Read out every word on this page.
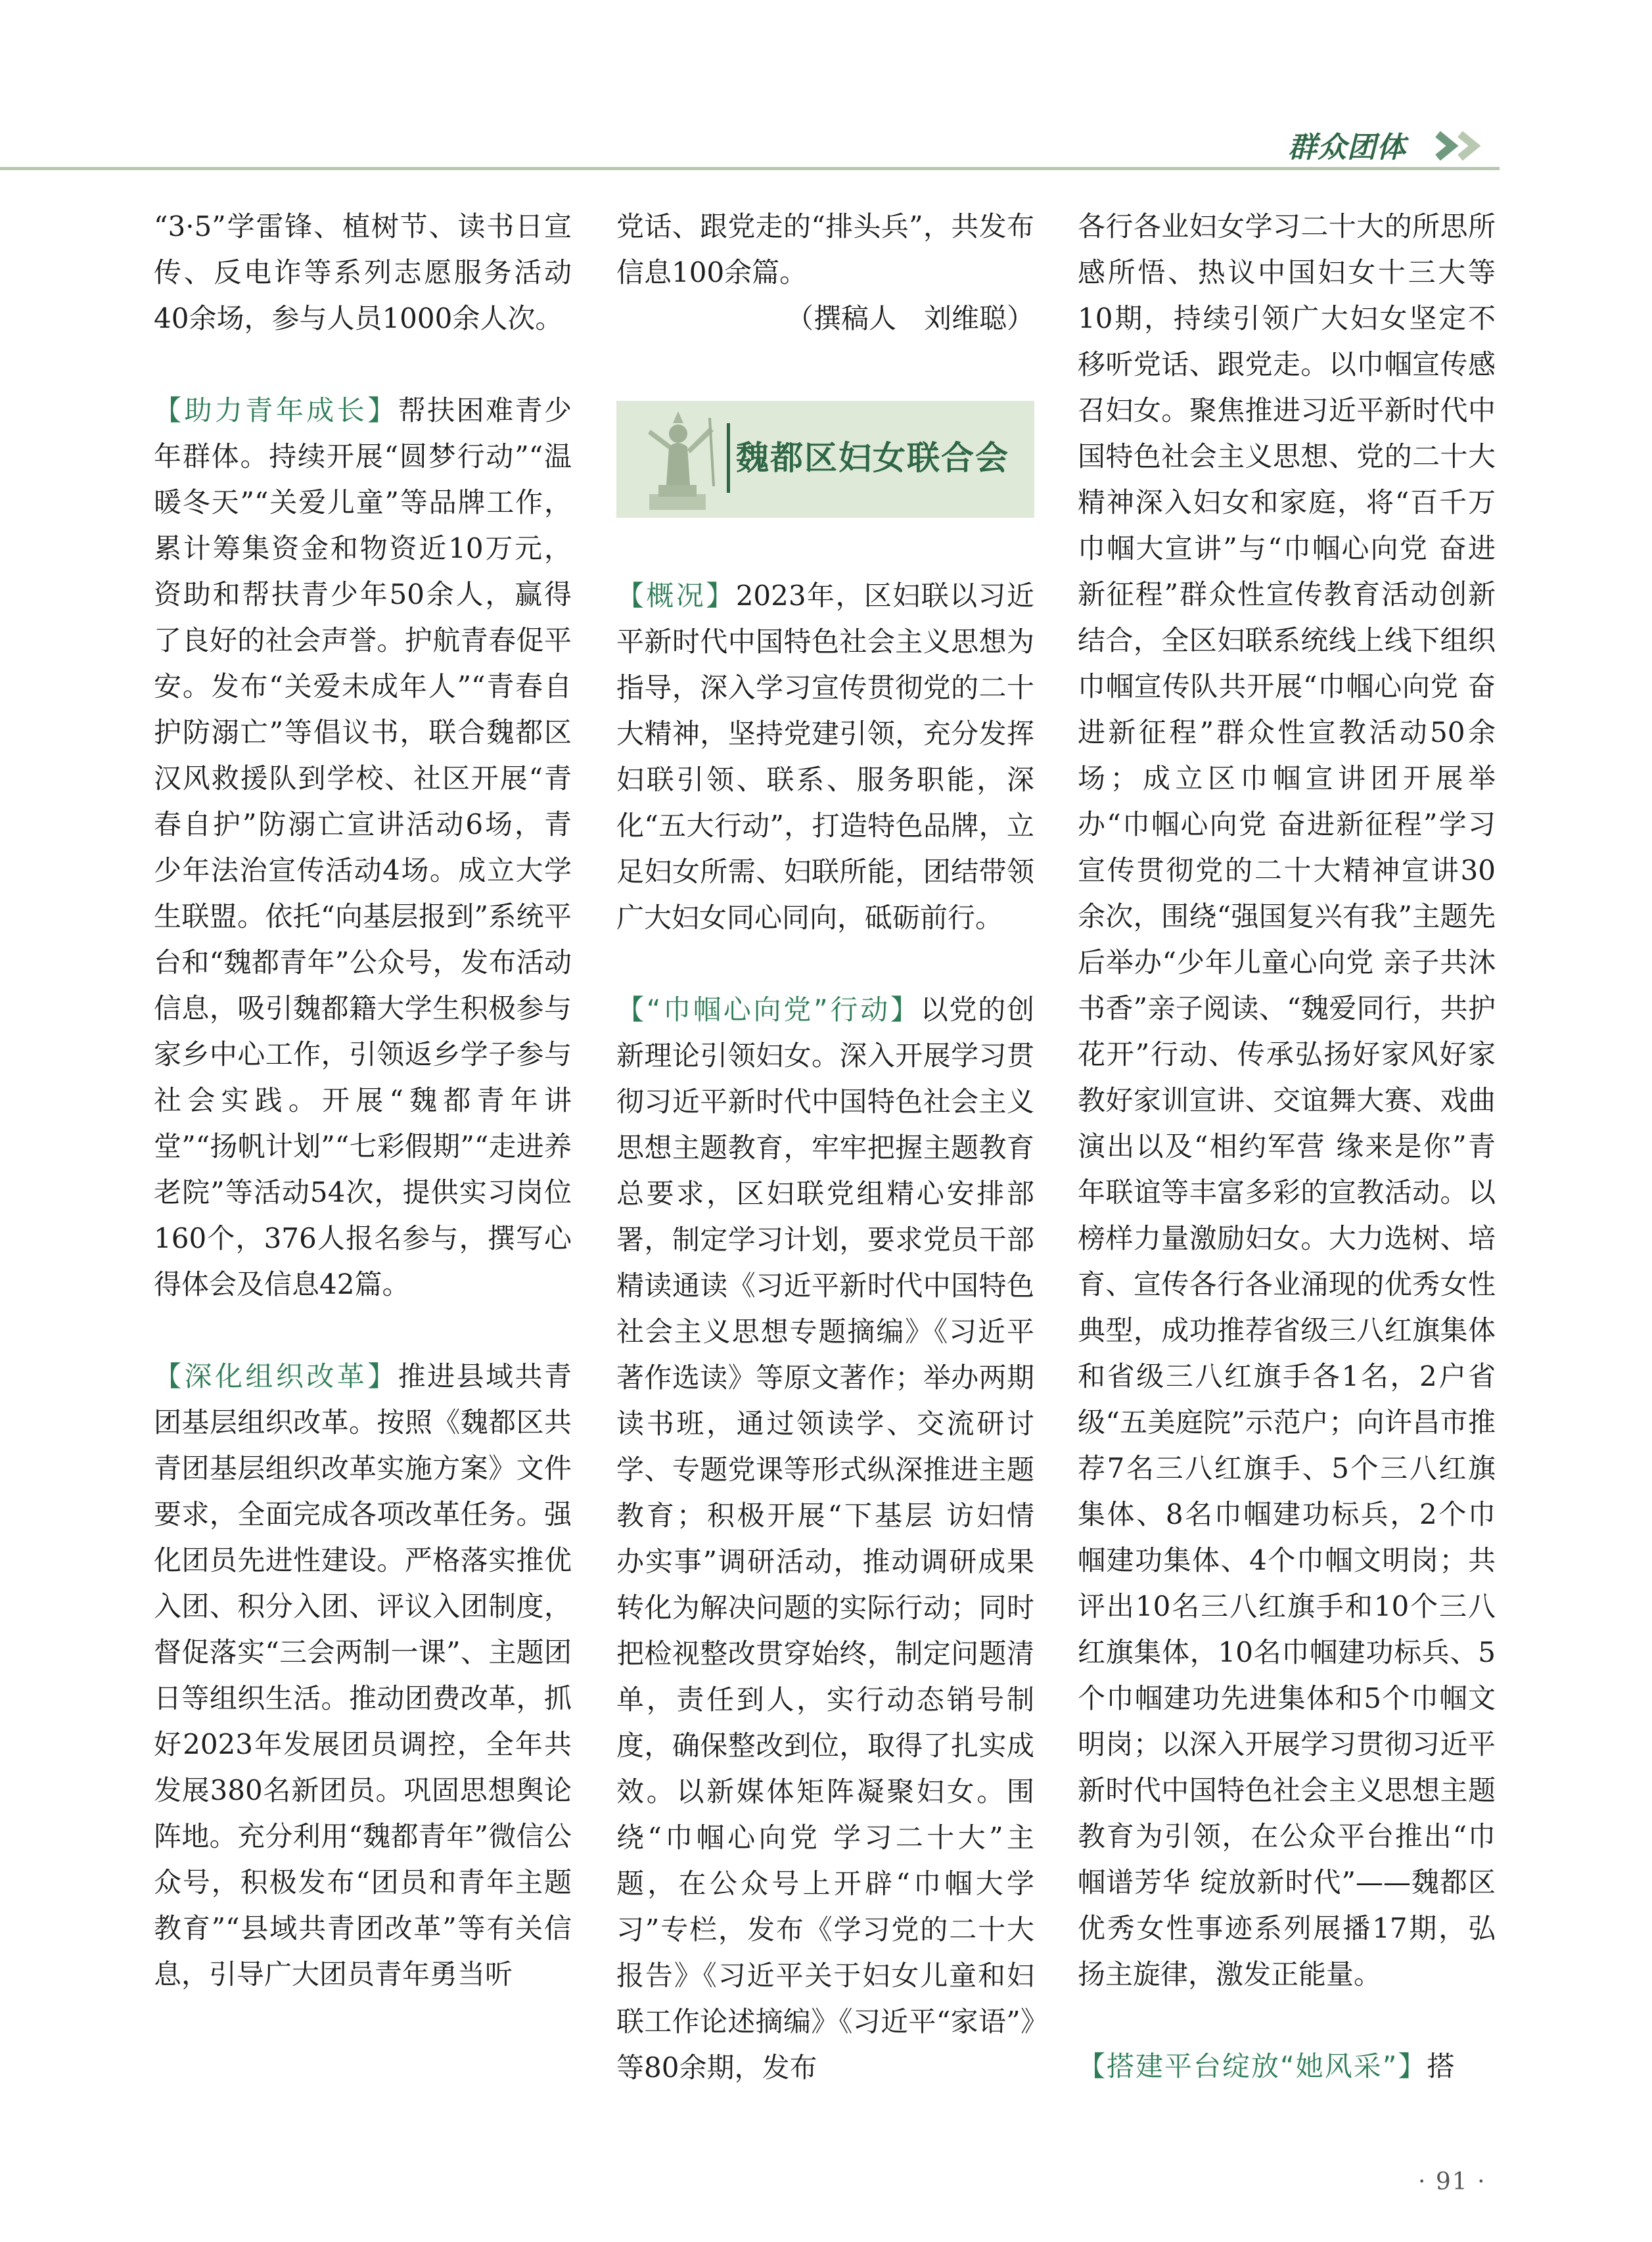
群众团体

“3·5”学雷锋、植树节、读书日宣传、反电诈等系列志愿服务活动40余场，参与人员1000余人次。

【助力青年成长】帮扶困难青少年群体。持续开展“圆梦行动”“温暖冬天”“关爱儿童”等品牌工作，累计筹集资金和物资近10万元，资助和帮扶青少年50余人，赢得了良好的社会声誉。护航青春促平安。发布“关爱未成年人”“青春自护防溺亡”等倡议书，联合魏都区汉风救援队到学校、社区开展“青春自护”防溺亡宣讲活动6场，青少年法治宣传活动4场。成立大学生联盟。依托“向基层报到”系统平台和“魏都青年”公众号，发布活动信息，吸引魏都籍大学生积极参与家乡中心工作，引领返乡学子参与社会实践。开展“魏都青年讲堂”“扬帆计划”“七彩假期”“走进养老院”等活动54次，提供实习岗位160个，376人报名参与，撰写心得体会及信息42篇。

【深化组织改革】推进县域共青团基层组织改革。按照《魏都区共青团基层组织改革实施方案》文件要求，全面完成各项改革任务。强化团员先进性建设。严格落实推优入团、积分入团、评议入团制度，督促落实“三会两制一课”、主题团日等组织生活。推动团费改革，抓好2023年发展团员调控，全年共发展380名新团员。巩固思想舆论阵地。充分利用“魏都青年”微信公众号，积极发布“团员和青年主题教育”“县域共青团改革”等有关信息，引导广大团员青年勇当听

党话、跟党走的“排头兵”，共发布信息100余篇。

（撰稿人　刘维聪）

魏都区妇女联合会

【概况】2023年，区妇联以习近平新时代中国特色社会主义思想为指导，深入学习宣传贯彻党的二十大精神，坚持党建引领，充分发挥妇联引领、联系、服务职能，深化“五大行动”，打造特色品牌，立足妇女所需、妇联所能，团结带领广大妇女同心同向，砥砺前行。

【“巾帼心向党”行动】以党的创新理论引领妇女。深入开展学习贯彻习近平新时代中国特色社会主义思想主题教育，牢牢把握主题教育总要求，区妇联党组精心安排部署，制定学习计划，要求党员干部精读通读《习近平新时代中国特色社会主义思想专题摘编》《习近平著作选读》等原文著作；举办两期读书班，通过领读学、交流研讨学、专题党课等形式纵深推进主题教育；积极开展“下基层 访妇情 办实事”调研活动，推动调研成果转化为解决问题的实际行动；同时把检视整改贯穿始终，制定问题清单，责任到人，实行动态销号制度，确保整改到位，取得了扎实成效。以新媒体矩阵凝聚妇女。围绕“巾帼心向党 学习二十大”主题，在公众号上开辟“巾帼大学习”专栏，发布《学习党的二十大报告》《习近平关于妇女儿童和妇联工作论述摘编》《习近平“家语”》等80余期，发布

各行各业妇女学习二十大的所思所感所悟、热议中国妇女十三大等10期，持续引领广大妇女坚定不移听党话、跟党走。以巾帼宣传感召妇女。聚焦推进习近平新时代中国特色社会主义思想、党的二十大精神深入妇女和家庭，将“百千万巾帼大宣讲”与“巾帼心向党 奋进新征程”群众性宣传教育活动创新结合，全区妇联系统线上线下组织巾帼宣传队共开展“巾帼心向党 奋进新征程”群众性宣教活动50余场；成立区巾帼宣讲团开展举办“巾帼心向党 奋进新征程”学习宣传贯彻党的二十大精神宣讲30余次，围绕“强国复兴有我”主题先后举办“少年儿童心向党 亲子共沐书香”亲子阅读、“魏爱同行，共护花开”行动、传承弘扬好家风好家教好家训宣讲、交谊舞大赛、戏曲演出以及“相约军营 缘来是你”青年联谊等丰富多彩的宣教活动。以榜样力量激励妇女。大力选树、培育、宣传各行各业涌现的优秀女性典型，成功推荐省级三八红旗集体和省级三八红旗手各1名，2户省级“五美庭院”示范户；向许昌市推荐7名三八红旗手、5个三八红旗集体、8名巾帼建功标兵，2个巾帼建功集体、4个巾帼文明岗；共评出10名三八红旗手和10个三八红旗集体，10名巾帼建功标兵、5个巾帼建功先进集体和5个巾帼文明岗；以深入开展学习贯彻习近平新时代中国特色社会主义思想主题教育为引领，在公众平台推出“巾帼谱芳华 绽放新时代”——魏都区优秀女性事迹系列展播17期，弘扬主旋律，激发正能量。

【搭建平台绽放“她风采”】搭

· 91 ·
